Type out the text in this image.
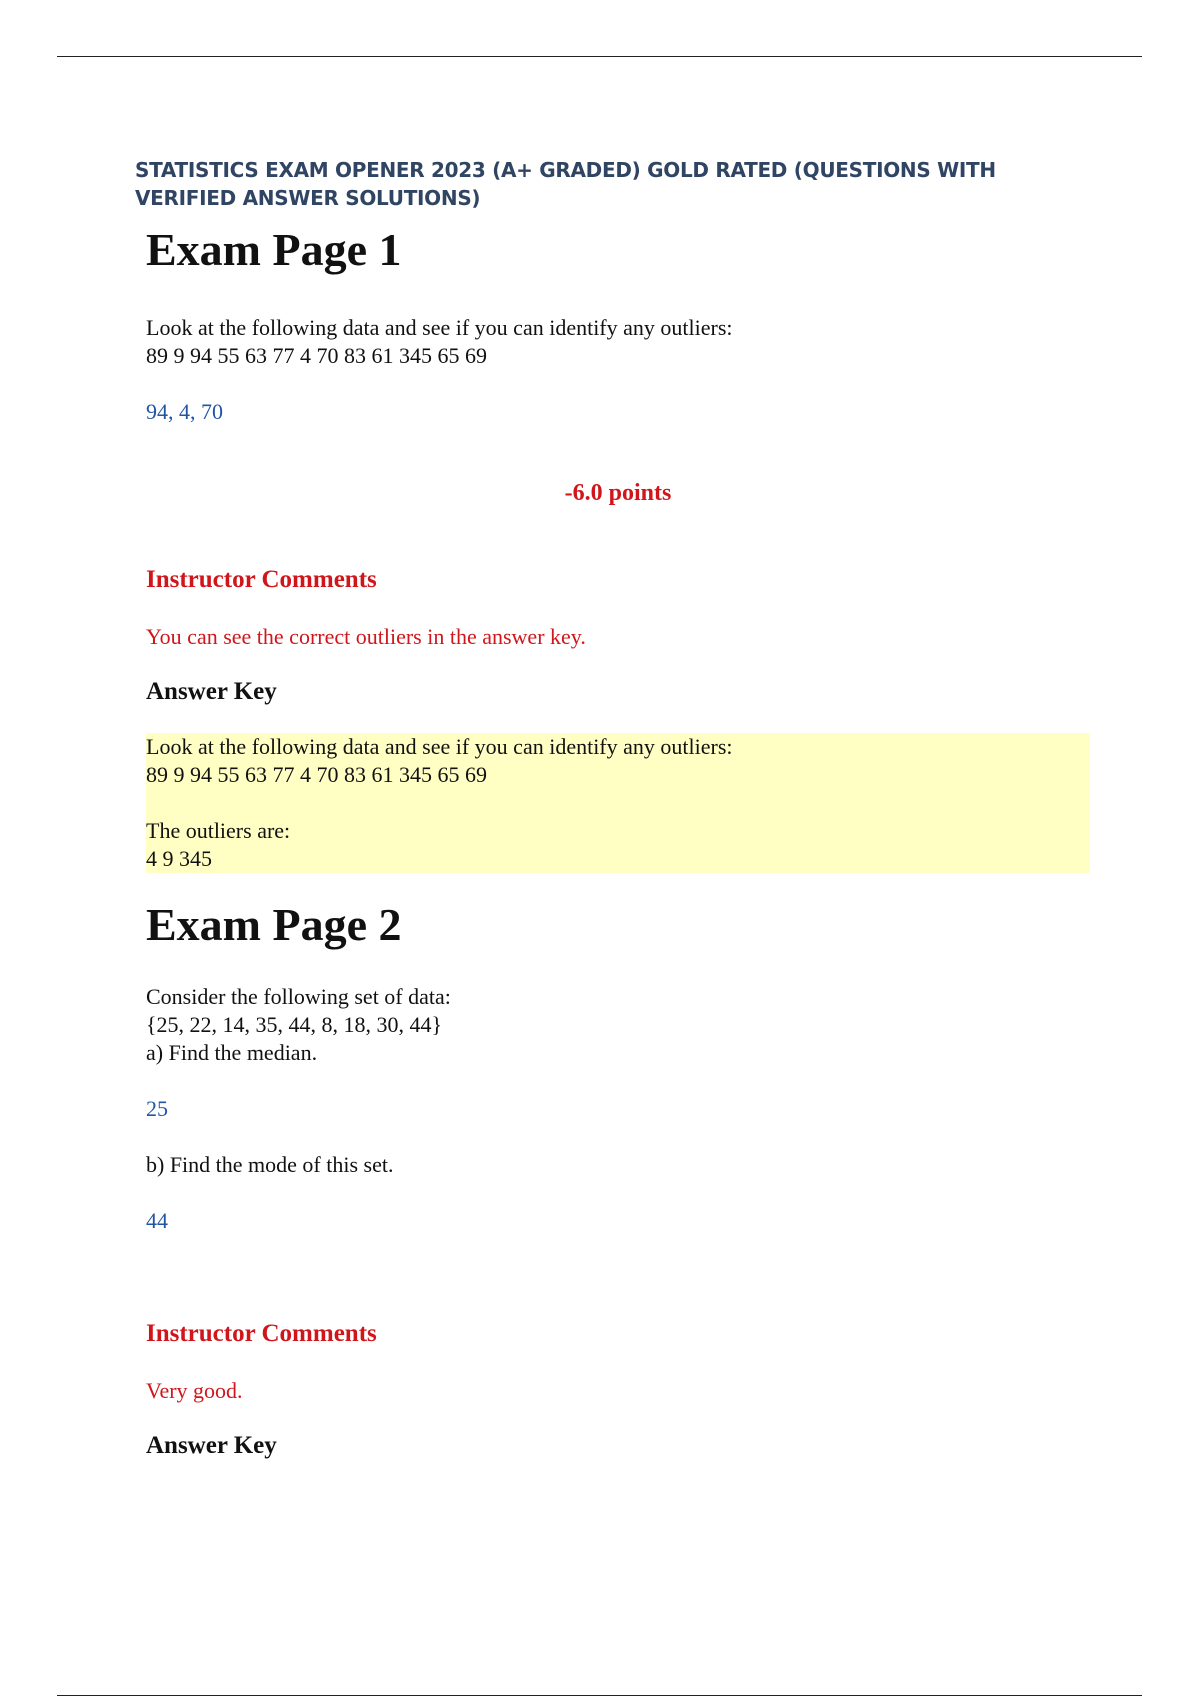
STATISTICS EXAM OPENER 2023 (A+ GRADED) GOLD RATED (QUESTIONS WITH VERIFIED ANSWER SOLUTIONS)
Exam Page 1

Look at the following data and see if you can identify any outliers:

89 9 94 55 63 77 4 70 83 61 345 65 69

94, 4, 70

-6.0 points

Instructor Comments

You can see the correct outliers in the answer key.

Answer Key

Look at the following data and see if you can identify any outliers:

89 9 94 55 63 77 4 70 83 61 345 65 69

The outliers are:

4 9 345

Exam Page 2

Consider the following set of data:

{25, 22, 14, 35, 44, 8, 18, 30, 44}

a) Find the median.

25

b) Find the mode of this set.

44

Instructor Comments

Very good.

Answer Key
